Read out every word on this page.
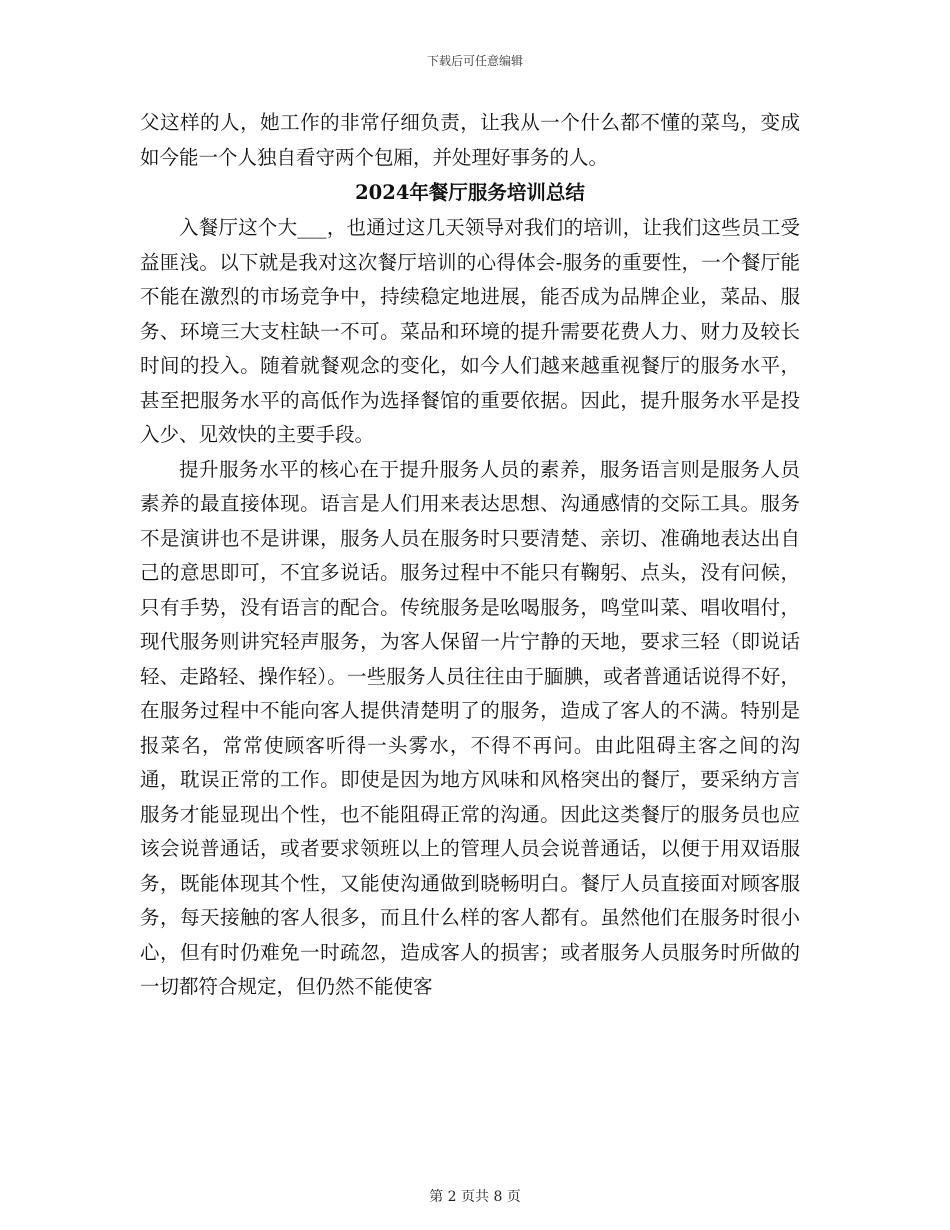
下载后可任意编辑

父这样的人，她工作的非常仔细负责，让我从一个什么都不懂的菜鸟，变成如今能一个人独自看守两个包厢，并处理好事务的人。

2024年餐厅服务培训总结

入餐厅这个大___，也通过这几天领导对我们的培训，让我们这些员工受益匪浅。以下就是我对这次餐厅培训的心得体会-服务的重要性，一个餐厅能不能在激烈的市场竞争中，持续稳定地进展，能否成为品牌企业，菜品、服务、环境三大支柱缺一不可。菜品和环境的提升需要花费人力、财力及较长时间的投入。随着就餐观念的变化，如今人们越来越重视餐厅的服务水平，甚至把服务水平的高低作为选择餐馆的重要依据。因此，提升服务水平是投入少、见效快的主要手段。

提升服务水平的核心在于提升服务人员的素养，服务语言则是服务人员素养的最直接体现。语言是人们用来表达思想、沟通感情的交际工具。服务不是演讲也不是讲课，服务人员在服务时只要清楚、亲切、准确地表达出自己的意思即可，不宜多说话。服务过程中不能只有鞠躬、点头，没有问候，只有手势，没有语言的配合。传统服务是吆喝服务，鸣堂叫菜、唱收唱付，现代服务则讲究轻声服务，为客人保留一片宁静的天地，要求三轻（即说话轻、走路轻、操作轻）。一些服务人员往往由于腼腆，或者普通话说得不好，在服务过程中不能向客人提供清楚明了的服务，造成了客人的不满。特别是报菜名，常常使顾客听得一头雾水，不得不再问。由此阻碍主客之间的沟通，耽误正常的工作。即使是因为地方风味和风格突出的餐厅，要采纳方言服务才能显现出个性，也不能阻碍正常的沟通。因此这类餐厅的服务员也应该会说普通话，或者要求领班以上的管理人员会说普通话，以便于用双语服务，既能体现其个性，又能使沟通做到晓畅明白。餐厅人员直接面对顾客服务，每天接触的客人很多，而且什么样的客人都有。虽然他们在服务时很小心，但有时仍难免一时疏忽，造成客人的损害；或者服务人员服务时所做的一切都符合规定，但仍然不能使客

第 2 页共 8 页
